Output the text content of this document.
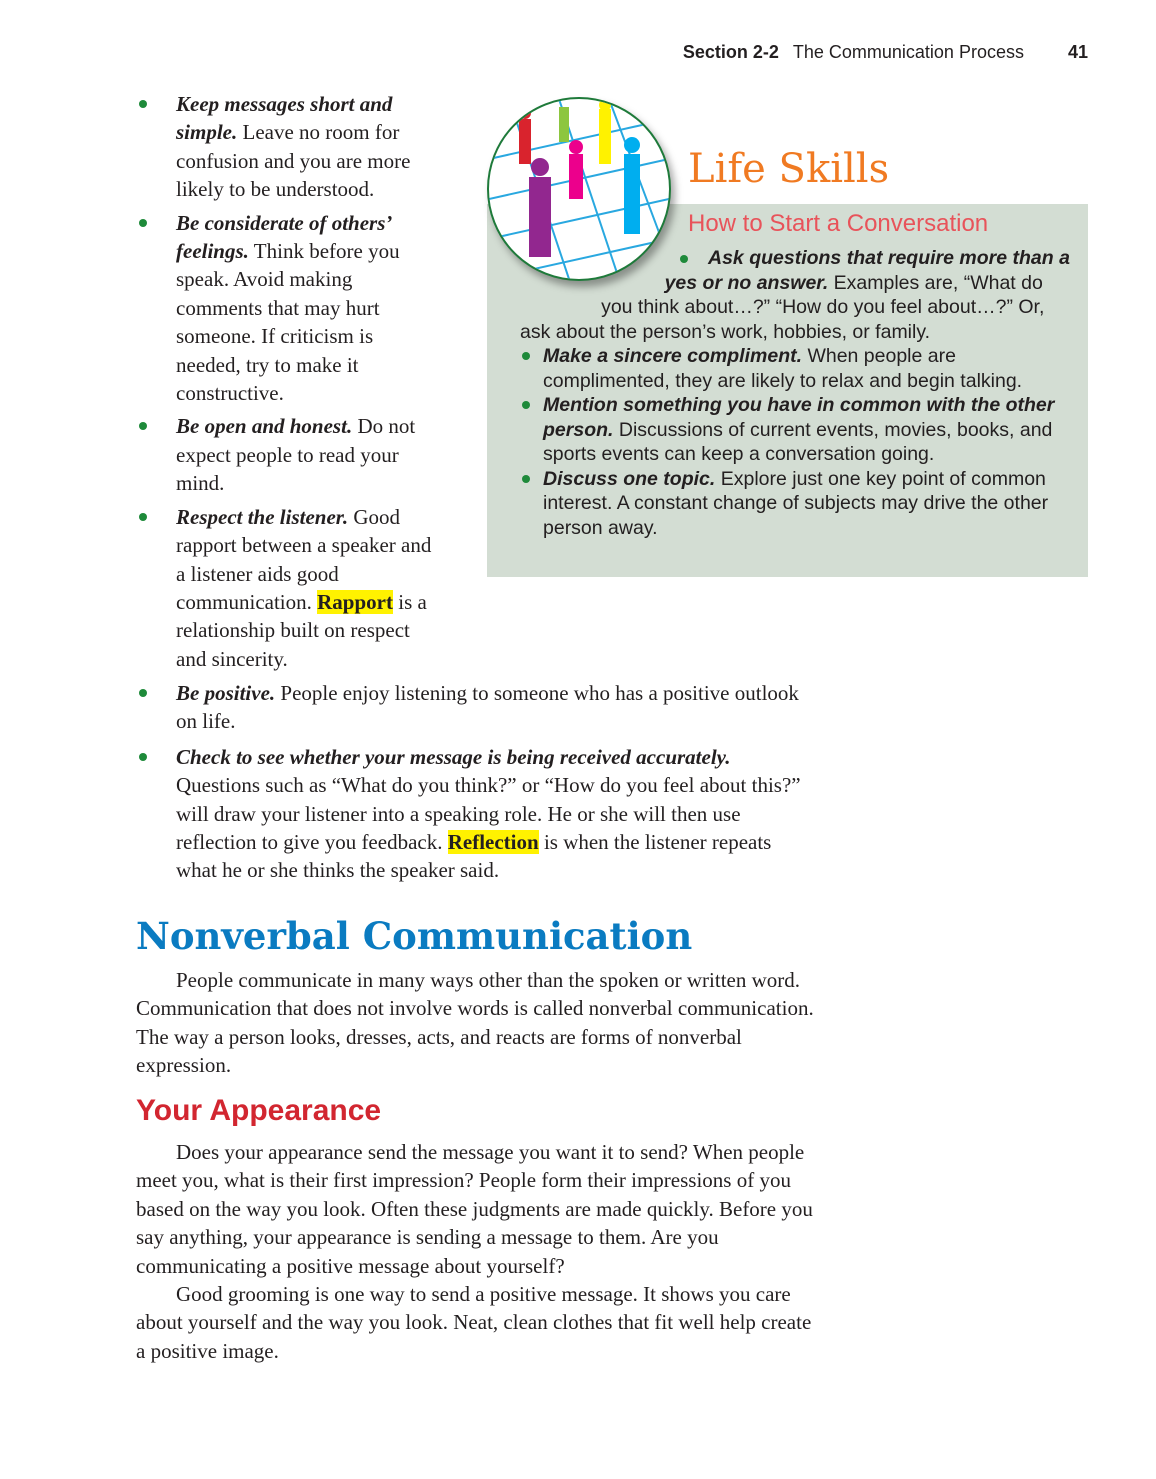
Section 2-2 The Communication Process 41
Keep messages short and simple. Leave no room for confusion and you are more likely to be understood.
Be considerate of others’ feelings. Think before you speak. Avoid making comments that may hurt someone. If criticism is needed, try to make it constructive.
Be open and honest. Do not expect people to read your mind.
Respect the listener. Good rapport between a speaker and a listener aids good communication. Rapport is a relationship built on respect and sincerity.
Life Skills
How to Start a Conversation
Ask questions that require more than a yes or no answer. Examples are, “What do you think about…?” “How do you feel about…?” Or, ask about the person’s work, hobbies, or family.
Make a sincere compliment. When people are complimented, they are likely to relax and begin talking.
Mention something you have in common with the other person. Discussions of current events, movies, books, and sports events can keep a conversation going.
Discuss one topic. Explore just one key point of common interest. A constant change of subjects may drive the other person away.
Be positive. People enjoy listening to someone who has a positive outlook on life.
Check to see whether your message is being received accurately. Questions such as “What do you think?” or “How do you feel about this?” will draw your listener into a speaking role. He or she will then use reflection to give you feedback. Reflection is when the listener repeats what he or she thinks the speaker said.
Nonverbal Communication

People communicate in many ways other than the spoken or written word. Communication that does not involve words is called nonverbal communication. The way a person looks, dresses, acts, and reacts are forms of nonverbal expression.

Your Appearance

Does your appearance send the message you want it to send? When people meet you, what is their first impression? People form their impressions of you based on the way you look. Often these judgments are made quickly. Before you say anything, your appearance is sending a message to them. Are you communicating a positive message about yourself?

Good grooming is one way to send a positive message. It shows you care about yourself and the way you look. Neat, clean clothes that fit well help create a positive image.
